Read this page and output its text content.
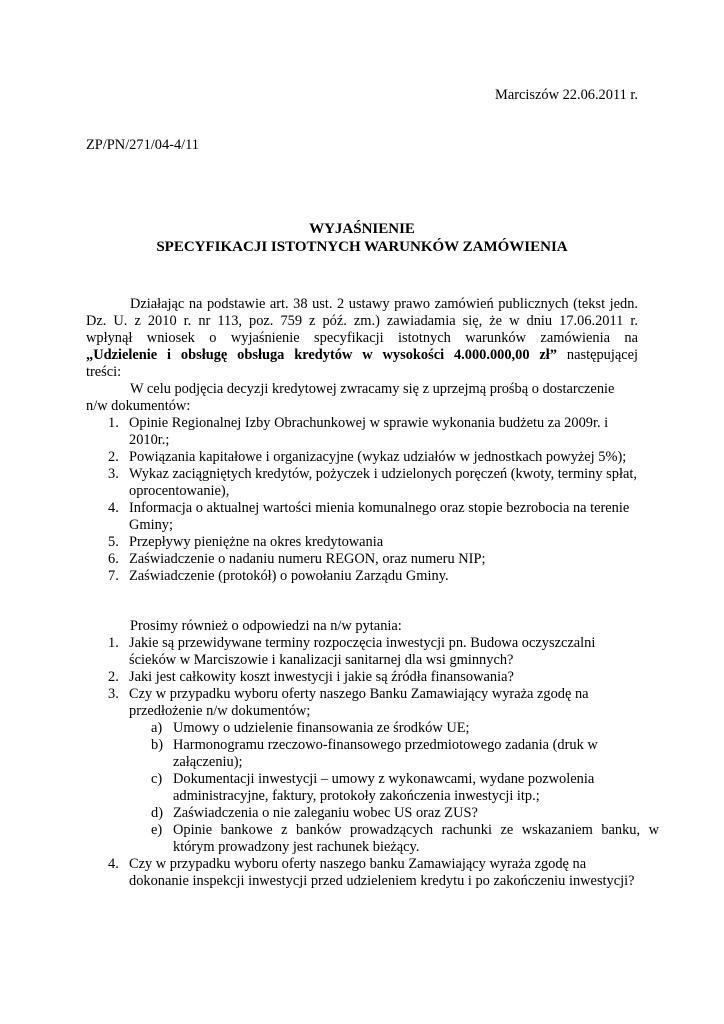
Marciszów 22.06.2011 r.
ZP/PN/271/04-4/11
WYJAŚNIENIE
SPECYFIKACJI ISTOTNYCH WARUNKÓW ZAMÓWIENIA
Działając na podstawie art. 38 ust. 2 ustawy prawo zamówień publicznych (tekst jedn.
Dz. U. z 2010 r. nr 113, poz. 759 z póź. zm.) zawiadamia się, że w dniu 17.06.2011 r.
wpłynął wniosek o wyjaśnienie specyfikacji istotnych warunków zamówienia na
„Udzielenie i obsługę obsługa kredytów w wysokości 4.000.000,00 zł” następującej
treści:
W celu podjęcia decyzji kredytowej zwracamy się z uprzejmą prośbą o dostarczenie
n/w dokumentów:
1. Opinie Regionalnej Izby Obrachunkowej w sprawie wykonania budżetu za 2009r. i 2010r.;
2. Powiązania kapitałowe i organizacyjne (wykaz udziałów w jednostkach powyżej 5%);
3. Wykaz zaciągniętych kredytów, pożyczek i udzielonych poręczeń (kwoty, terminy spłat, oprocentowanie),
4. Informacja o aktualnej wartości mienia komunalnego oraz stopie bezrobocia na terenie Gminy;
5. Przepływy pieniężne na okres kredytowania
6. Zaświadczenie o nadaniu numeru REGON, oraz numeru NIP;
7. Zaświadczenie (protokół) o powołaniu Zarządu Gminy.
Prosimy również o odpowiedzi na n/w pytania:
1. Jakie są przewidywane terminy rozpoczęcia inwestycji pn. Budowa oczyszczalni ścieków w Marciszowie i kanalizacji sanitarnej dla wsi gminnych?
2. Jaki jest całkowity koszt inwestycji i jakie są źródła finansowania?
3. Czy w przypadku wyboru oferty naszego Banku Zamawiający wyraża zgodę na przedłożenie n/w dokumentów;
a) Umowy o udzielenie finansowania ze środków UE;
b) Harmonogramu rzeczowo-finansowego przedmiotowego zadania (druk w załączeniu);
c) Dokumentacji inwestycji – umowy z wykonawcami, wydane pozwolenia administracyjne, faktury, protokoły zakończenia inwestycji itp.;
d) Zaświadczenia o nie zaleganiu wobec US oraz ZUS?
e) Opinie bankowe z banków prowadzących rachunki ze wskazaniem banku, w którym prowadzony jest rachunek bieżący.
4. Czy w przypadku wyboru oferty naszego banku Zamawiający wyraża zgodę na dokonanie inspekcji inwestycji przed udzieleniem kredytu i po zakończeniu inwestycji?
